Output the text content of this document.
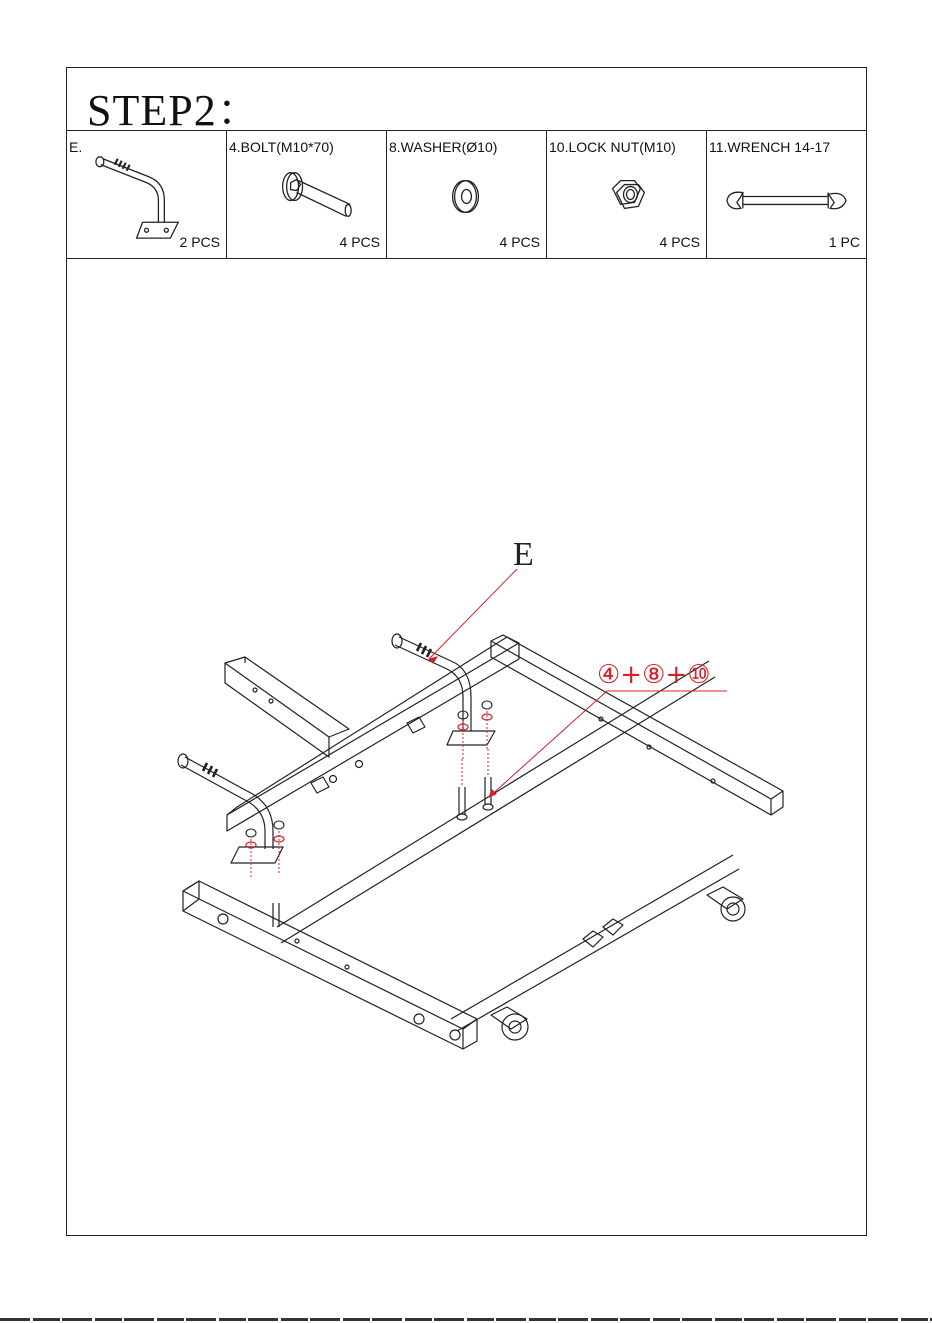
STEP2：
E.
2 PCS
4.BOLT(M10*70)
4 PCS
8.WASHER(Ø10)
4 PCS
10.LOCK NUT(M10)
4 PCS
11.WRENCH 14-17
1 PC
E
④+⑧+⑩
